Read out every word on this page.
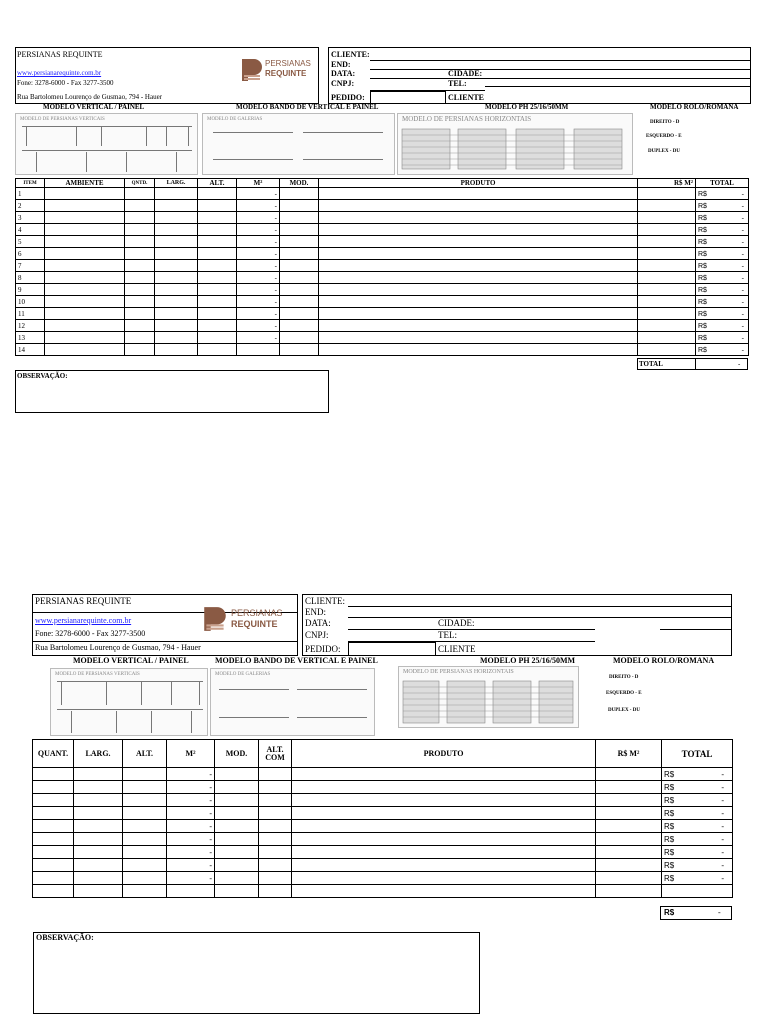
PERSIANAS REQUINTE
www.persianarequinte.com.br
Fone: 3278-6000 - Fax 3277-3500
Rua Bartolomeu Lourenço de Gusmao, 794 - Hauer
PERSIANAS
REQUINTE
CLIENTE:
END:
DATA:
CNPJ:
PEDIDO:
CIDADE:
TEL:
CLIENTE
MODELO VERTICAL / PAINEL	MODELO BANDO DE VERTICAL E PAINEL	MODELO PH 25/16/50MM	MODELO ROLO/ROMANA
MODELO DE PERSIANAS VERTICAIS	MODELO DE GALERIAS	MODELO DE PERSIANAS HORIZONTAIS	DIREITO - D
ESQUERDO - E
DUPLEX - DU
ITEM	AMBIENTE	QNTD.	LARG.	ALT.	M²	MOD.	PRODUTO	R$ M²	TOTAL
1					-				R$ -

2					-				R$ -

3					-				R$ -

4					-				R$ -

5					-				R$ -

6					-				R$ -

7					-				R$ -

8					-				R$ -

9					-				R$ -

10					-				R$ -

11					-				R$ -

12					-				R$ -

13					-				R$ -

14									R$ -
TOTAL	-
OBSERVAÇÃO:
PERSIANAS REQUINTE
www.persianarequinte.com.br
Fone: 3278-6000 - Fax 3277-3500
Rua Bartolomeu Lourenço de Gusmao, 794 - Hauer
PERSIANAS
REQUINTE
CLIENTE:
END:
DATA:
CNPJ:
PEDIDO:
CIDADE:
TEL:
CLIENTE
MODELO VERTICAL / PAINEL	MODELO BANDO DE VERTICAL E PAINEL	MODELO PH 25/16/50MM	MODELO ROLO/ROMANA
MODELO DE PERSIANAS VERTICAIS	MODELO DE GALERIAS	MODELO DE PERSIANAS HORIZONTAIS
DIREITO - D
ESQUERDO - E
DUPLEX - DU
QUANT.	LARG.	ALT.	M²	MOD.	ALT. COM	PRODUTO	R$ M²	TOTAL
			-					R$ -

			-					R$ -

			-					R$ -

			-					R$ -

			-					R$ -

			-					R$ -

			-					R$ -

			-					R$ -

			-					R$ -

R$	-
OBSERVAÇÃO:
